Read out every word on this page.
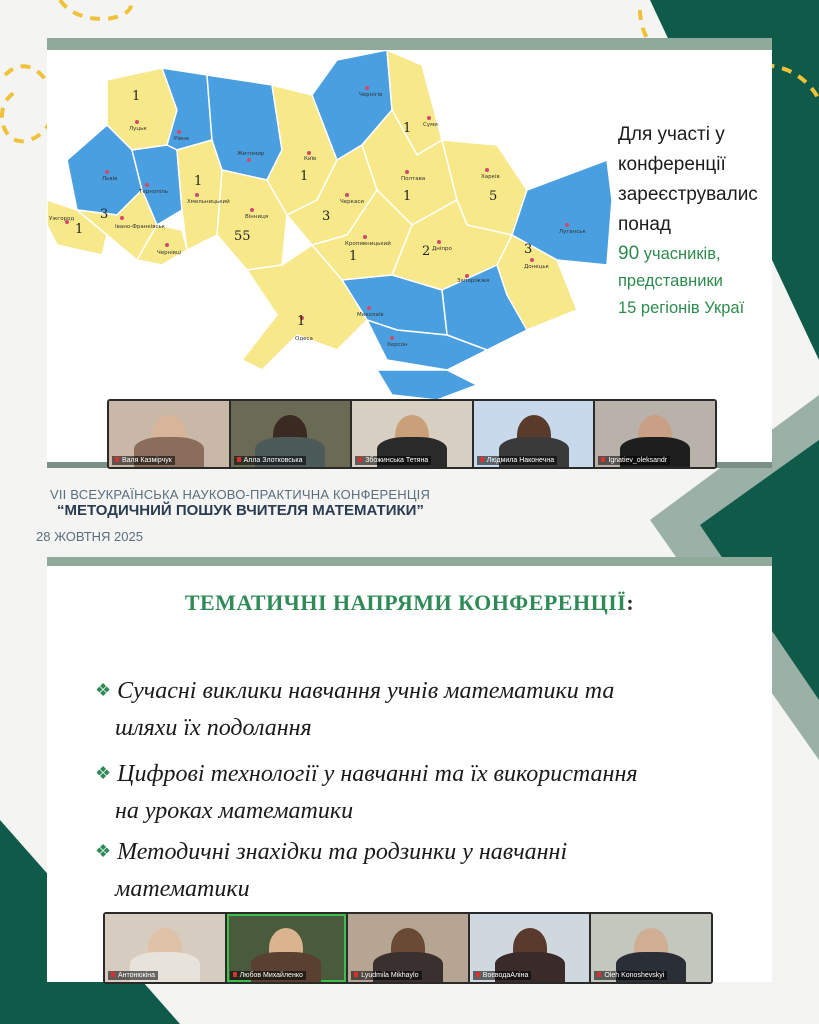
1
1
3
1
55
1
1
3
1	5
1	2	3
1
Луцьк
Рівне
Львів
Тернопіль
Ужгород
Івано-Франківськ
Чернівці
Хмельницький
Житомир
Вінниця
Київ
Чернігів
Суми
Черкаси
Полтава	Харків
Луганськ
Кропивницький
Дніпро
Донецьк
Запоріжжя
Миколаїв
Одеса
Херсон
Для участі у
конференції
зареєструвалис
понад
90 учасників,
представники
15 регіонів Украї
Валя Казмірчук	Алла Злотковська	Збожинська Тетяна	Людмила Наконечна	Ignatiev_oleksandr
VII ВСЕУКРАЇНСЬКА НАУКОВО-ПРАКТИЧНА КОНФЕРЕНЦІЯ
“МЕТОДИЧНИЙ ПОШУК ВЧИТЕЛЯ МАТЕМАТИКИ”
28 ЖОВТНЯ 2025
ТЕМАТИЧНІ НАПРЯМИ КОНФЕРЕНЦІЇ:
❖ Сучасні виклики навчання учнів математики та
шляхи їх подолання
❖ Цифрові технології у навчанні та їх використання
на уроках математики
❖ Методичні знахідки та родзинки у навчанні
математики
Антонюкіна	Любов Михайленко	Lyudmila Mikhaylo	ВоєводаАліна	Oleh Konoshevskyi
